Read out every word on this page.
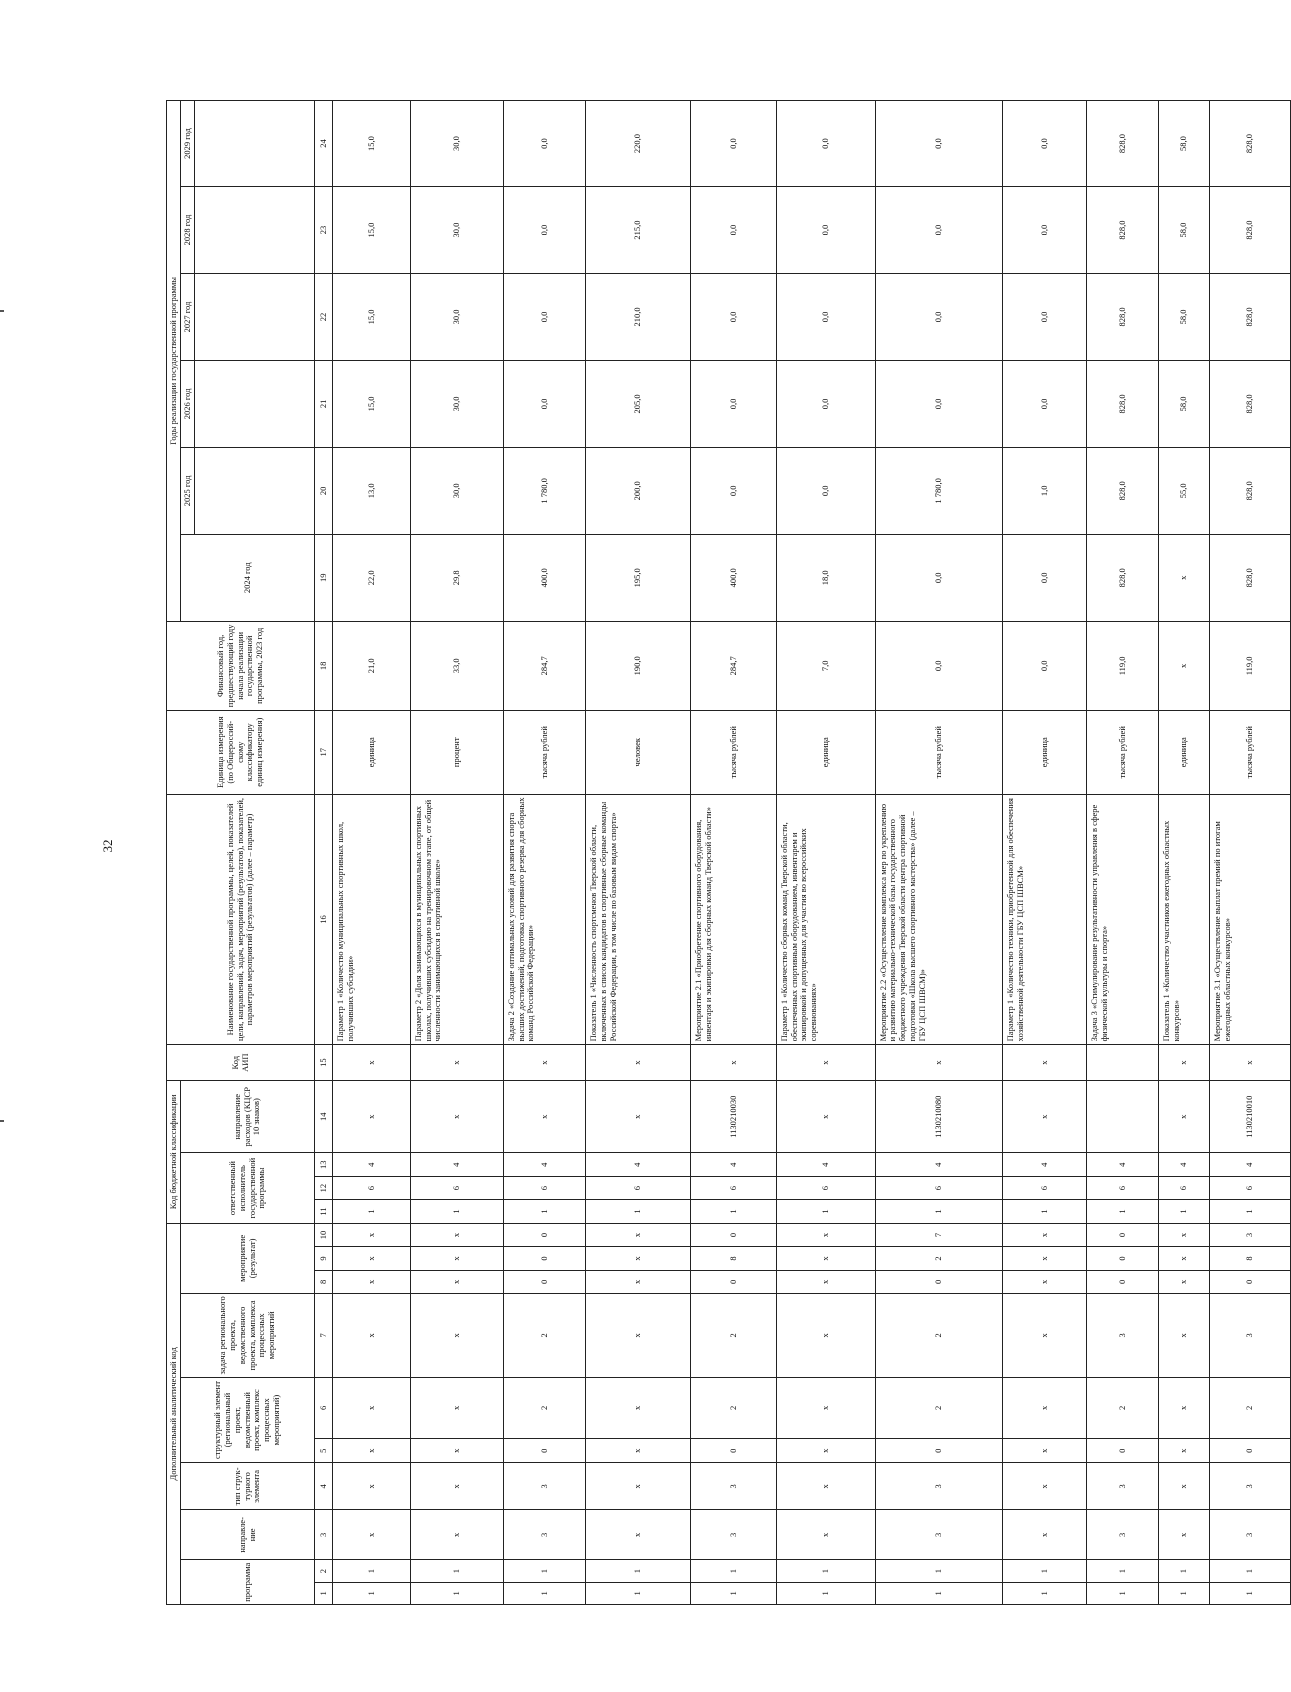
32
Дополнительный аналитический код										Код бюджетной классификации				Код АИП	Наименование государственной программы, целей, показателей цели, направлений, задач, мероприятий (результатов), показателей, параметров мероприятий (результатов) (далее – параметр)	Единица измерения (по Общероссий-скому классификатору единиц измерения)	Финансовый год, предшествующий году начала реализации государственной программы, 2023 год	Годы реализации государственной программы					
программа		направле-ние	тип струк-турного элемента	структурный элемент (региональный проект, ведомственный проект, комплекс процессных мероприятий)		задача регионального проекта, ведомственного проекта, комплекса процессных мероприятий	мероприятие (результат)			ответственный исполнитель государственной программы			направление расходов (КЦСР 10 знаков)					2024 год	2025 год	2026 год	2027 год	2028 год	2029 год

1	2	3	4	5	6	7	8	9	10	11	12	13	14	15	16	17	18	19	20	21	22	23	24
1	1	х	х	х	х	х	х	х	х	1	6	4	х	х	Параметр 1 «Количество муниципальных спортивных школ, получивших субсидии»	единица	21,0	22,0	13,0	15,0	15,0	15,0	15,0
1	1	х	х	х	х	х	х	х	х	1	6	4	х	х	Параметр 2 «Доля занимающихся в муниципальных спортивных школах, получивших субсидию на тренировочном этапе, от общей численности занимающихся в спортивной школе»	процент	33,0	29,8	30,0	30,0	30,0	30,0	30,0
1	1	3	3	0	2	2	0	0	0	1	6	4	х	х	Задача 2 «Создание оптимальных условий для развития спорта высших достижений, подготовка спортивного резерва для сборных команд Российской Федерации»	тысяча рублей	284,7	400,0	1 780,0	0,0	0,0	0,0	0,0
1	1	х	х	х	х	х	х	х	х	1	6	4	х	х	Показатель 1 «Численность спортсменов Тверской области, включенных в список кандидатов в спортивные сборные команды Российской Федерации, в том числе по базовым видам спорта»	человек	190,0	195,0	200,0	205,0	210,0	215,0	220,0
1	1	3	3	0	2	2	0	8	0	1	6	4	1130210030	х	Мероприятие 2.1 «Приобретение спортивного оборудования, инвентаря и экипировки для сборных команд Тверской области»	тысяча рублей	284,7	400,0	0,0	0,0	0,0	0,0	0,0
1	1	х	х	х	х	х	х	х	х	1	6	4	х	х	Параметр 1 «Количество сборных команд Тверской области, обеспеченных спортивным оборудованием, инвентарем и экипировкой и допущенных для участия во всероссийских соревнованиях»	единица	7,0	18,0	0,0	0,0	0,0	0,0	0,0
1	1	3	3	0	2	2	0	2	7	1	6	4	1130210080	х	Мероприятие 2.2 «Осуществление комплекса мер по укреплению и развитию материально-технической базы государственного бюджетного учреждения Тверской области центра спортивной подготовки «Школа высшего спортивного мастерства» (далее – ГБУ ЦСП ШВСМ)»	тысяча рублей	0,0	0,0	1 780,0	0,0	0,0	0,0	0,0
1	1	х	х	х	х	х	х	х	х	1	6	4	х	х	Параметр 1 «Количество техники, приобретенной для обеспечения хозяйственной деятельности ГБУ ЦСП ШВСМ»	единица	0,0	0,0	1,0	0,0	0,0	0,0	0,0
1	1	3	3	0	2	3	0	0	0	1	6	4			Задача 3 «Стимулирование результативности управления в сфере физической культуры и спорта»	тысяча рублей	119,0	828,0	828,0	828,0	828,0	828,0	828,0
1	1	х	х	х	х	х	х	х	х	1	6	4	х	х	Показатель 1 «Количество участников ежегодных областных конкурсов»	единица	х	х	55,0	58,0	58,0	58,0	58,0
1	1	3	3	0	2	3	0	8	3	1	6	4	1130210010	х	Мероприятие 3.1 «Осуществление выплат премий по итогам ежегодных областных конкурсов»	тысяча рублей	119,0	828,0	828,0	828,0	828,0	828,0	828,0
